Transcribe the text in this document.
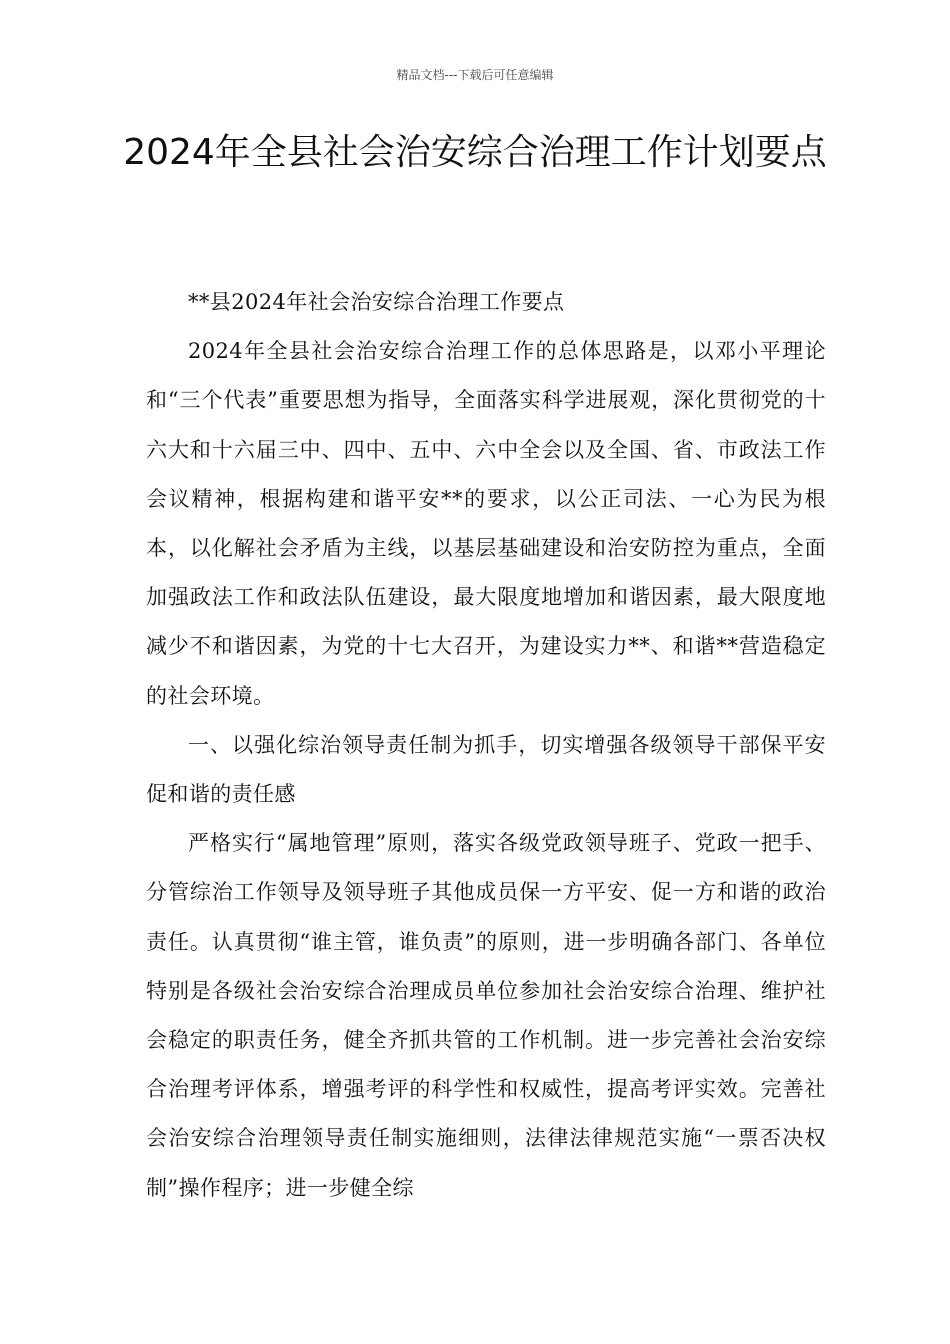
精品文档---下载后可任意编辑
2024年全县社会治安综合治理工作计划要点

**县2024年社会治安综合治理工作要点

2024年全县社会治安综合治理工作的总体思路是，以邓小平理论和“三个代表”重要思想为指导，全面落实科学进展观，深化贯彻党的十六大和十六届三中、四中、五中、六中全会以及全国、省、市政法工作会议精神，根据构建和谐平安**的要求，以公正司法、一心为民为根本，以化解社会矛盾为主线，以基层基础建设和治安防控为重点，全面加强政法工作和政法队伍建设，最大限度地增加和谐因素，最大限度地减少不和谐因素，为党的十七大召开，为建设实力**、和谐**营造稳定的社会环境。

一、以强化综治领导责任制为抓手，切实增强各级领导干部保平安促和谐的责任感

严格实行“属地管理”原则，落实各级党政领导班子、党政一把手、分管综治工作领导及领导班子其他成员保一方平安、促一方和谐的政治责任。认真贯彻“谁主管，谁负责”的原则，进一步明确各部门、各单位特别是各级社会治安综合治理成员单位参加社会治安综合治理、维护社会稳定的职责任务，健全齐抓共管的工作机制。进一步完善社会治安综合治理考评体系，增强考评的科学性和权威性，提高考评实效。完善社会治安综合治理领导责任制实施细则，法律法律规范实施“一票否决权制”操作程序；进一步健全综
